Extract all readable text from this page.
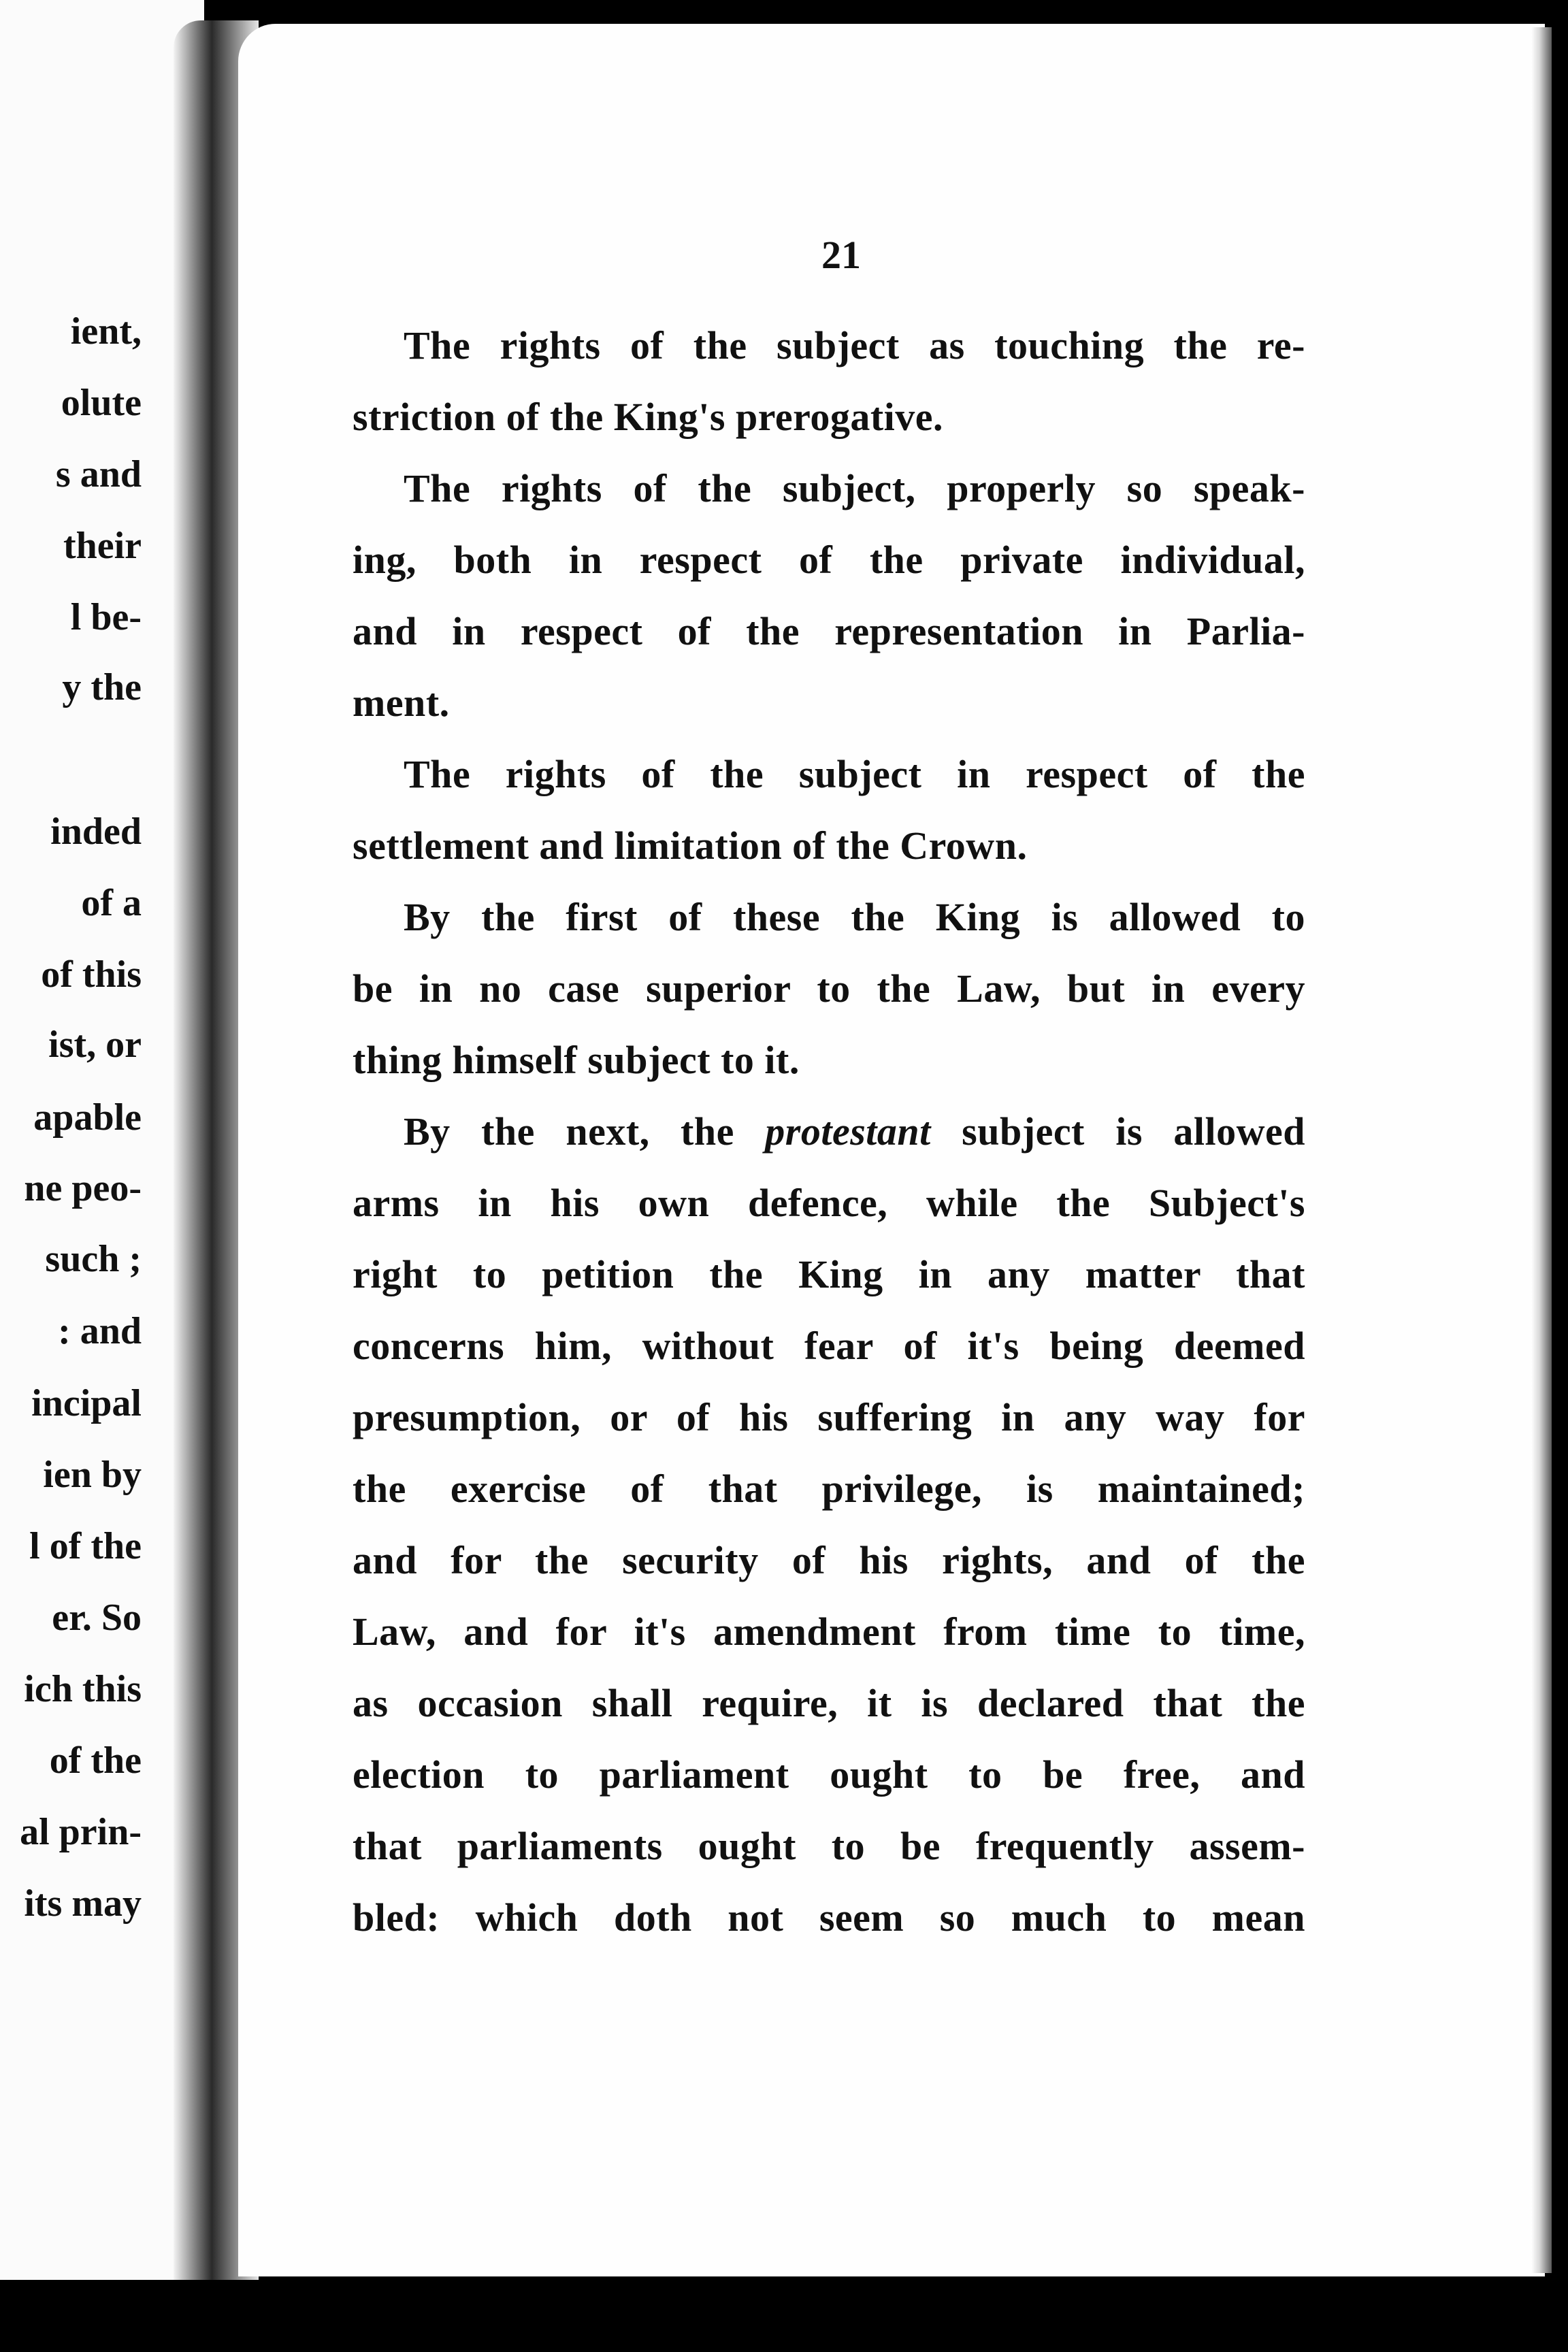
ient,
olute
s and
their
l be-
y the
inded
of a
of this
ist, or
apable
ne peo-
such ;
: and
incipal
ien by
l of the
er. So
ich this
of the
al prin-
its may
21
The rights of the subject as touching the re-
striction of the King's prerogative.
The rights of the subject, properly so speak-
ing, both in respect of the private individual,
and in respect of the representation in Parlia-
ment.
The rights of the subject in respect of the
settlement and limitation of the Crown.
By the first of these the King is allowed to
be in no case superior to the Law, but in every
thing himself subject to it.
By the next, the protestant subject is allowed
arms in his own defence, while the Subject's
right to petition the King in any matter that
concerns him, without fear of it's being deemed
presumption, or of his suffering in any way for
the exercise of that privilege, is maintained;
and for the security of his rights, and of the
Law, and for it's amendment from time to time,
as occasion shall require, it is declared that the
election to parliament ought to be free, and
that parliaments ought to be frequently assem-
bled: which doth not seem so much to mean
